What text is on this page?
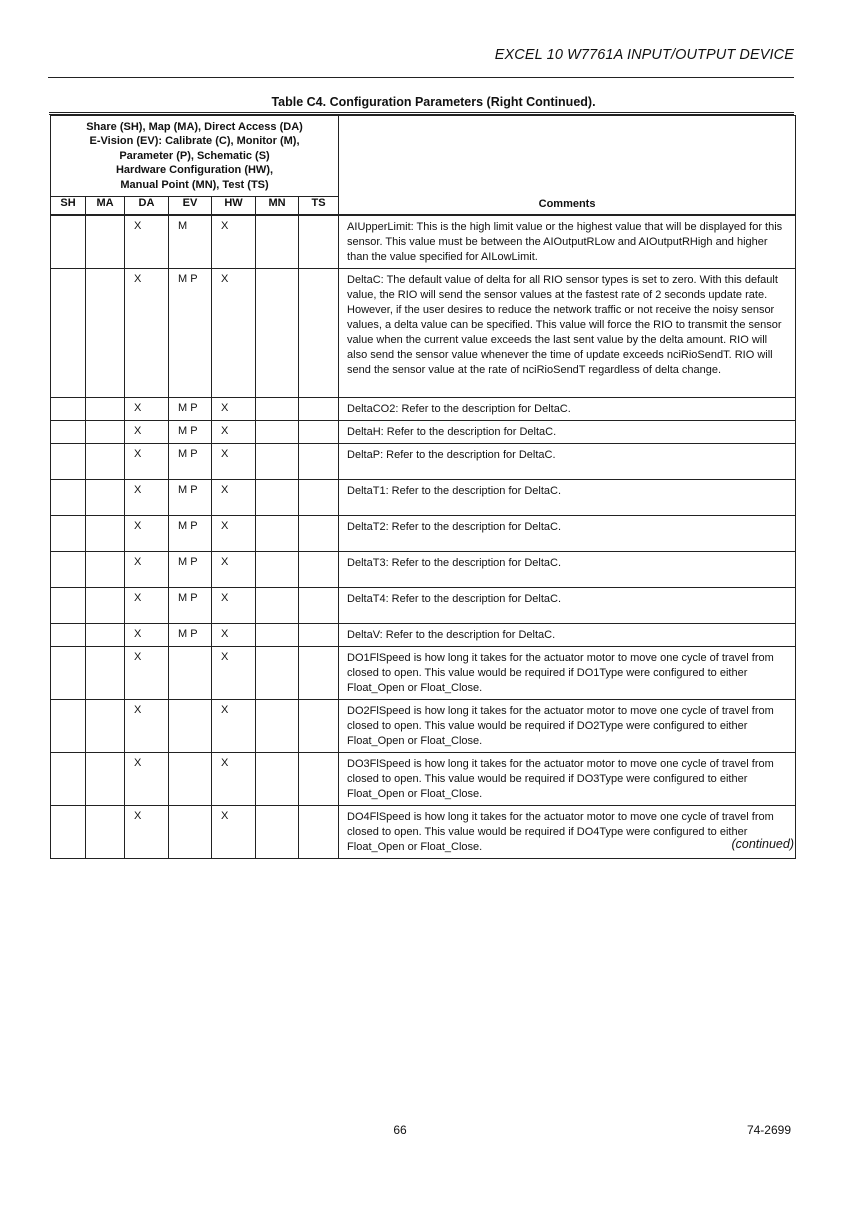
EXCEL 10 W7761A INPUT/OUTPUT DEVICE
Table C4. Configuration Parameters (Right Continued).
Share (SH), Map (MA), Direct Access (DA)
E-Vision (EV): Calibrate (C), Monitor (M),
Parameter (P), Schematic (S)
Hardware Configuration (HW),
Manual Point (MN), Test (TS)							Comments
SH	MA	DA	EV	HW	MN	TS	
		X	M	X			AIUpperLimit: This is the high limit value or the highest value that will be displayed for this sensor. This value must be between the AIOutputRLow and AIOutputRHigh and higher than the value specified for AILowLimit.
		X	M P	X			DeltaC: The default value of delta for all RIO sensor types is set to zero. With this default value, the RIO will send the sensor values at the fastest rate of 2 seconds update rate. However, if the user desires to reduce the network traffic or not receive the noisy sensor values, a delta value can be specified. This value will force the RIO to transmit the sensor value when the current value exceeds the last sent value by the delta amount. RIO will also send the sensor value whenever the time of update exceeds nciRioSendT. RIO will send the sensor value at the rate of nciRioSendT regardless of delta change.
		X	M P	X			DeltaCO2: Refer to the description for DeltaC.
		X	M P	X			DeltaH: Refer to the description for DeltaC.
		X	M P	X			DeltaP: Refer to the description for DeltaC.
		X	M P	X			DeltaT1: Refer to the description for DeltaC.
		X	M P	X			DeltaT2: Refer to the description for DeltaC.
		X	M P	X			DeltaT3: Refer to the description for DeltaC.
		X	M P	X			DeltaT4: Refer to the description for DeltaC.
		X	M P	X			DeltaV: Refer to the description for DeltaC.
		X		X			DO1FlSpeed is how long it takes for the actuator motor to move one cycle of travel from closed to open. This value would be required if DO1Type were configured to either Float_Open or Float_Close.
		X		X			DO2FlSpeed is how long it takes for the actuator motor to move one cycle of travel from closed to open. This value would be required if DO2Type were configured to either Float_Open or Float_Close.
		X		X			DO3FlSpeed is how long it takes for the actuator motor to move one cycle of travel from closed to open. This value would be required if DO3Type were configured to either Float_Open or Float_Close.
		X		X			DO4FlSpeed is how long it takes for the actuator motor to move one cycle of travel from closed to open. This value would be required if DO4Type were configured to either Float_Open or Float_Close.	(continued)
66	74-2699
